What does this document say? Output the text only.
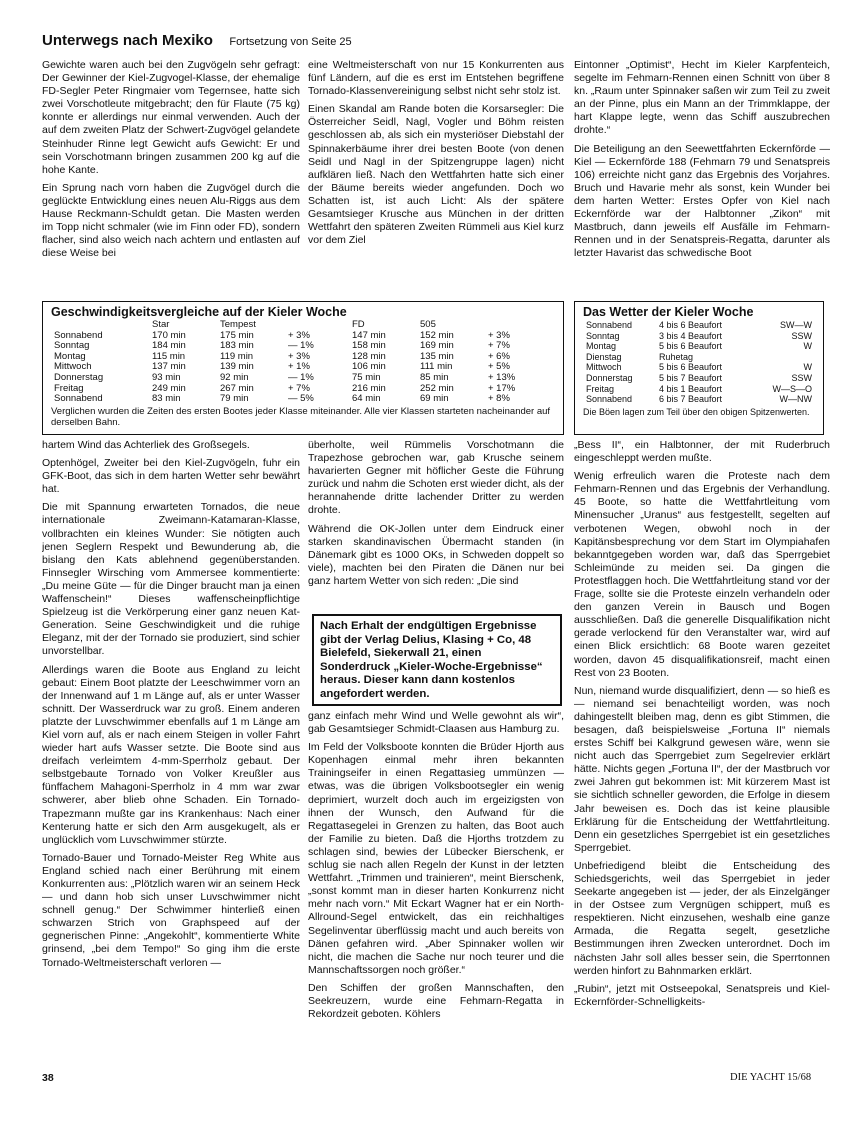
Unterwegs nach Mexiko Fortsetzung von Seite 25

Gewichte waren auch bei den Zugvögeln sehr gefragt: Der Gewinner der Kiel-Zugvogel-Klasse, der ehemalige FD-Segler Peter Ringmaier vom Tegernsee, hatte sich zwei Vorschotleute mitgebracht; den für Flaute (75 kg) konnte er allerdings nur einmal verwenden. Auch der auf dem zweiten Platz der Schwert-Zugvögel gelandete Steinhuder Rinne legt Gewicht aufs Gewicht: Er und sein Vorschotmann bringen zusammen 200 kg auf die hohe Kante.

Ein Sprung nach vorn haben die Zugvögel durch die geglückte Entwicklung eines neuen Alu-Riggs aus dem Hause Reckmann-Schuldt getan. Die Masten werden im Topp nicht schmaler (wie im Finn oder FD), sondern flacher, sind also weich nach achtern und entlasten auf diese Weise bei

eine Weltmeisterschaft von nur 15 Konkurrenten aus fünf Ländern, auf die es erst im Entstehen begriffene Tornado-Klassenvereinigung selbst nicht sehr stolz ist.

Einen Skandal am Rande boten die Korsarsegler: Die Österreicher Seidl, Nagl, Vogler und Böhm reisten geschlossen ab, als sich ein mysteriöser Diebstahl der Spinnakerbäume ihrer drei besten Boote (von denen Seidl und Nagl in der Spitzengruppe lagen) nicht aufklären ließ. Nach den Wettfahrten hatte sich einer der Bäume bereits wieder angefunden. Doch wo Schatten ist, ist auch Licht: Als der spätere Gesamtsieger Krusche aus München in der dritten Wettfahrt den späteren Zweiten Rümmeli aus Kiel kurz vor dem Ziel

Eintonner „Optimist“, Hecht im Kieler Karpfenteich, segelte im Fehmarn-Rennen einen Schnitt von über 8 kn. „Raum unter Spinnaker saßen wir zum Teil zu zweit an der Pinne, plus ein Mann an der Trimmklappe, der hart Klappe legte, wenn das Schiff auszubrechen drohte.“

Die Beteiligung an den Seewettfahrten Eckernförde — Kiel — Eckernförde 188 (Fehmarn 79 und Senatspreis 106) erreichte nicht ganz das Ergebnis des Vorjahres. Bruch und Havarie mehr als sonst, kein Wunder bei dem harten Wetter: Erstes Opfer von Kiel nach Eckernförde war der Halbtonner „Zikon“ mit Mastbruch, dann jeweils elf Ausfälle im Fehmarn-Rennen und in der Senatspreis-Regatta, darunter als letzter Havarist das schwedische Boot

Geschwindigkeitsvergleiche auf der Kieler Woche
	Star	Tempest		FD	505	
Sonnabend	170 min	175 min	+ 3%	147 min	152 min	+ 3%
Sonntag	184 min	183 min	— 1%	158 min	169 min	+ 7%
Montag	115 min	119 min	+ 3%	128 min	135 min	+ 6%
Mittwoch	137 min	139 min	+ 1%	106 min	111 min	+ 5%
Donnerstag	93 min	92 min	— 1%	75 min	85 min	+ 13%
Freitag	249 min	267 min	+ 7%	216 min	252 min	+ 17%
Sonnabend	83 min	79 min	— 5%	64 min	69 min	+ 8%
Verglichen wurden die Zeiten des ersten Bootes jeder Klasse miteinander. Alle vier Klassen starteten nacheinander auf derselben Bahn.
Das Wetter der Kieler Woche
Sonnabend	4 bis 6 Beaufort	SW—W
Sonntag	3 bis 4 Beaufort	SSW
Montag	5 bis 6 Beaufort	W
Dienstag	Ruhetag	
Mittwoch	5 bis 6 Beaufort	W
Donnerstag	5 bis 7 Beaufort	SSW
Freitag	4 bis 1 Beaufort	W—S—O
Sonnabend	6 bis 7 Beaufort	W—NW
Die Böen lagen zum Teil über den obigen Spitzenwerten.

hartem Wind das Achterliek des Großsegels.

Optenhögel, Zweiter bei den Kiel-Zugvögeln, fuhr ein GFK-Boot, das sich in dem harten Wetter sehr bewährt hat.

Die mit Spannung erwarteten Tornados, die neue internationale Zweimann-Katamaran-Klasse, vollbrachten ein kleines Wunder: Sie nötigten auch jenen Seglern Respekt und Bewunderung ab, die bislang den Kats ablehnend gegenüberstanden. Finnsegler Wirsching vom Ammersee kommentierte: „Du meine Güte — für die Dinger braucht man ja einen Waffenschein!“ Dieses waffenscheinpflichtige Spielzeug ist die Verkörperung einer ganz neuen Kat-Generation. Seine Geschwindigkeit und die ruhige Eleganz, mit der der Tornado sie produziert, sind schier unvorstellbar.

Allerdings waren die Boote aus England zu leicht gebaut: Einem Boot platzte der Leeschwimmer vorn an der Innenwand auf 1 m Länge auf, als er unter Wasser schnitt. Der Wasserdruck war zu groß. Einem anderen platzte der Luvschwimmer ebenfalls auf 1 m Länge am Kiel vorn auf, als er nach einem Steigen in voller Fahrt wieder hart aufs Wasser setzte. Die Boote sind aus dreifach verleimtem 4-mm-Sperrholz gebaut. Der selbstgebaute Tornado von Volker Kreußler aus fünffachem Mahagoni-Sperrholz in 4 mm war zwar schwerer, aber blieb ohne Schaden. Ein Tornado-Trapezmann mußte gar ins Krankenhaus: Nach einer Kenterung hatte er sich den Arm ausgekugelt, als er unglücklich vom Luvschwimmer stürzte.

Tornado-Bauer und Tornado-Meister Reg White aus England schied nach einer Berührung mit einem Konkurrenten aus: „Plötzlich waren wir an seinem Heck — und dann hob sich unser Luvschwimmer nicht schnell genug.“ Der Schwimmer hinterließ einen schwarzen Strich von Graphspeed auf der gegnerischen Pinne: „Angekohlt“, kommentierte White grinsend, „bei dem Tempo!“ So ging ihm die erste Tornado-Weltmeisterschaft verloren —

überholte, weil Rümmelis Vorschotmann die Trapezhose gebrochen war, gab Krusche seinem havarierten Gegner mit höflicher Geste die Führung zurück und nahm die Schoten erst wieder dicht, als der herannahende dritte lachender Dritter zu werden drohte.

Während die OK-Jollen unter dem Eindruck einer starken skandinavischen Übermacht standen (in Dänemark gibt es 1000 OKs, in Schweden doppelt so viele), machten bei den Piraten die Dänen nur bei ganz hartem Wetter von sich reden: „Die sind

Nach Erhalt der endgültigen Ergebnisse gibt der Verlag Delius, Klasing + Co, 48 Bielefeld, Siekerwall 21, einen Sonderdruck „Kieler-Woche-Ergebnisse“ heraus. Dieser kann dann kostenlos angefordert werden.

ganz einfach mehr Wind und Welle gewohnt als wir“, gab Gesamtsieger Schmidt-Claasen aus Hamburg zu.

Im Feld der Volksboote konnten die Brüder Hjorth aus Kopenhagen einmal mehr ihren bekannten Trainingseifer in einen Regattasieg ummünzen — etwas, was die übrigen Volksbootsegler ein wenig deprimiert, wurzelt doch auch im ergeizigsten von ihnen der Wunsch, den Aufwand für die Regattasegelei in Grenzen zu halten, das Boot auch der Familie zu bieten. Daß die Hjorths trotzdem zu schlagen sind, bewies der Lübecker Bierschenk, er schlug sie nach allen Regeln der Kunst in der letzten Wettfahrt. „Trimmen und trainieren“, meint Bierschenk, „sonst kommt man in dieser harten Konkurrenz nicht mehr nach vorn.“ Mit Eckart Wagner hat er ein North-Allround-Segel entwickelt, das ein reichhaltiges Segelinventar überflüssig macht und auch bereits von Dänen gefahren wird. „Aber Spinnaker wollen wir nicht, die machen die Sache nur noch teurer und die Mannschaftssorgen noch größer.“

Den Schiffen der großen Mannschaften, den Seekreuzern, wurde eine Fehmarn-Regatta in Rekordzeit geboten. Köhlers

„Bess II“, ein Halbtonner, der mit Ruderbruch eingeschleppt werden mußte.

Wenig erfreulich waren die Proteste nach dem Fehmarn-Rennen und das Ergebnis der Verhandlung. 45 Boote, so hatte die Wettfahrtleitung vom Minensucher „Uranus“ aus festgestellt, segelten auf verbotenen Wegen, obwohl noch in der Kapitänsbesprechung vor dem Start im Olympiahafen bekanntgegeben worden war, daß das Sperrgebiet Schleimünde zu meiden sei. Da gingen die Protestflaggen hoch. Die Wettfahrtleitung stand vor der Frage, sollte sie die Proteste einzeln verhandeln oder den ganzen Verein in Bausch und Bogen ausschließen. Daß die generelle Disqualifikation nicht gerade verlockend für den Veranstalter war, wird auf einen Blick ersichtlich: 68 Boote waren gezeitet worden, davon 45 disqualifikationsreif, macht einen Rest von 23 Booten.

Nun, niemand wurde disqualifiziert, denn — so hieß es — niemand sei benachteiligt worden, was noch dahingestellt bleiben mag, denn es gibt Stimmen, die besagen, daß beispielsweise „Fortuna II“ niemals erstes Schiff bei Kalkgrund gewesen wäre, wenn sie nicht auch das Sperrgebiet zum Segelrevier erklärt hätte. Nichts gegen „Fortuna II“, der der Mastbruch vor zwei Jahren gut bekommen ist: Mit kürzerem Mast ist sie sichtlich schneller geworden, die Erfolge in diesem Jahr beweisen es. Doch das ist keine plausible Erklärung für die Entscheidung der Wettfahrtleitung. Denn ein gesetzliches Sperrgebiet ist ein gesetzliches Sperrgebiet.

Unbefriedigend bleibt die Entscheidung des Schiedsgerichts, weil das Sperrgebiet in jeder Seekarte angegeben ist — jeder, der als Einzelgänger in der Ostsee zum Vergnügen schippert, muß es respektieren. Nicht einzusehen, weshalb eine ganze Armada, die Regatta segelt, gesetzliche Bestimmungen ihren Zwecken unterordnet. Doch im nächsten Jahr soll alles besser sein, die Sperrtonnen werden hinfort zu Bahnmarken erklärt.

„Rubin“, jetzt mit Ostseepokal, Senatspreis und Kiel-Eckernförder-Schnelligkeits-

38	DIE YACHT 15/68
